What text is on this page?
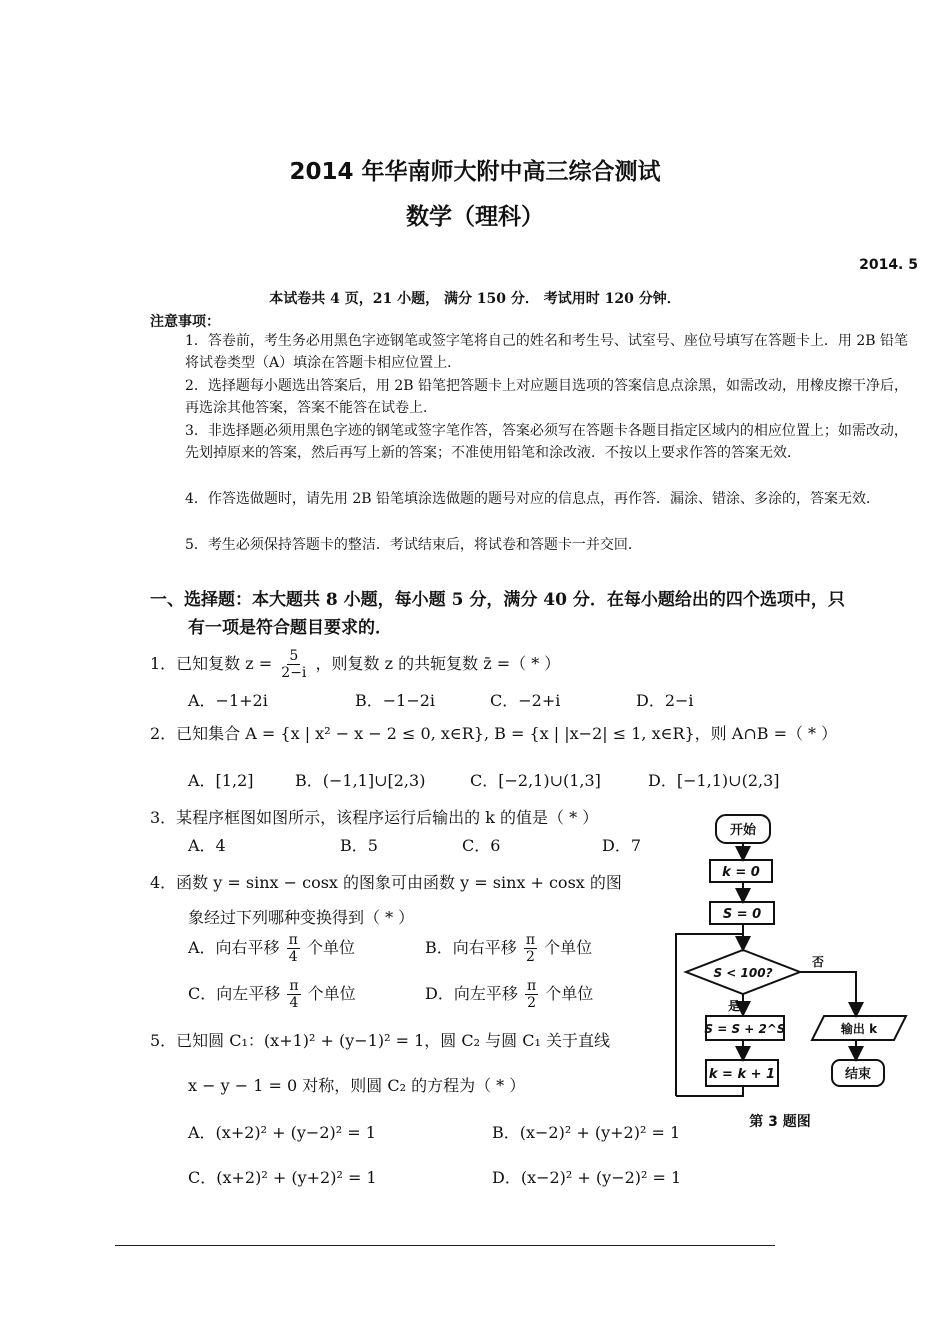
2014 年华南师大附中高三综合测试
数学（理科）
2014. 5
本试卷共 4 页，21 小题， 满分 150 分． 考试用时 120 分钟．
注意事项：
1．答卷前，考生务必用黑色字迹钢笔或签字笔将自己的姓名和考生号、试室号、座位号填写在答题卡上．用 2B 铅笔将试卷类型（A）填涂在答题卡相应位置上．
2．选择题每小题选出答案后，用 2B 铅笔把答题卡上对应题目选项的答案信息点涂黑，如需改动，用橡皮擦干净后，再选涂其他答案，答案不能答在试卷上．
3．非选择题必须用黑色字迹的钢笔或签字笔作答，答案必须写在答题卡各题目指定区域内的相应位置上；如需改动，先划掉原来的答案，然后再写上新的答案；不准使用铅笔和涂改液．不按以上要求作答的答案无效．
4．作答选做题时，请先用 2B 铅笔填涂选做题的题号对应的信息点，再作答．漏涂、错涂、多涂的，答案无效．
5．考生必须保持答题卡的整洁．考试结束后，将试卷和答题卡一并交回．
一、选择题：本大题共 8 小题，每小题 5 分，满分 40 分．在每小题给出的四个选项中，只
有一项是符合题目要求的．
1．已知复数 $z = \frac{5}{2-i}$ ，则复数 z 的共轭复数 z̄ =（ * ）
A．−1+2i	B．−1−2i	C．−2+i	D．2−i
2．已知集合 A = {x | x² − x − 2 ≤ 0, x∈R}, B = {x | |x−2| ≤ 1, x∈R}，则 A∩B =（ * ）
A．[1,2]	B．(−1,1]∪[2,3)	C．[−2,1)∪(1,3]	D．[−1,1)∪(2,3]
3．某程序框图如图所示，该程序运行后输出的 k 的值是（ * ）
A．4	B．5	C．6	D．7
4．函数 y = sinx − cosx 的图象可由函数 y = sinx + cosx 的图
象经过下列哪种变换得到（ * ）
A．向右平移 $\frac{\pi}{4}$ 个单位	B．向右平移 $\frac{\pi}{2}$ 个单位
C．向左平移 $\frac{\pi}{4}$ 个单位	D．向左平移 $\frac{\pi}{2}$ 个单位
5．已知圆 C₁：(x+1)² + (y−1)² = 1，圆 C₂ 与圆 C₁ 关于直线
x − y − 1 = 0 对称，则圆 C₂ 的方程为（ * ）
A．(x+2)² + (y−2)² = 1	B．(x−2)² + (y+2)² = 1
C．(x+2)² + (y+2)² = 1	D．(x−2)² + (y−2)² = 1
开始
k = 0
S = 0
S < 100?
否
是
S = S + 2^S
k = k + 1
输出 k
结束
第 3 题图
